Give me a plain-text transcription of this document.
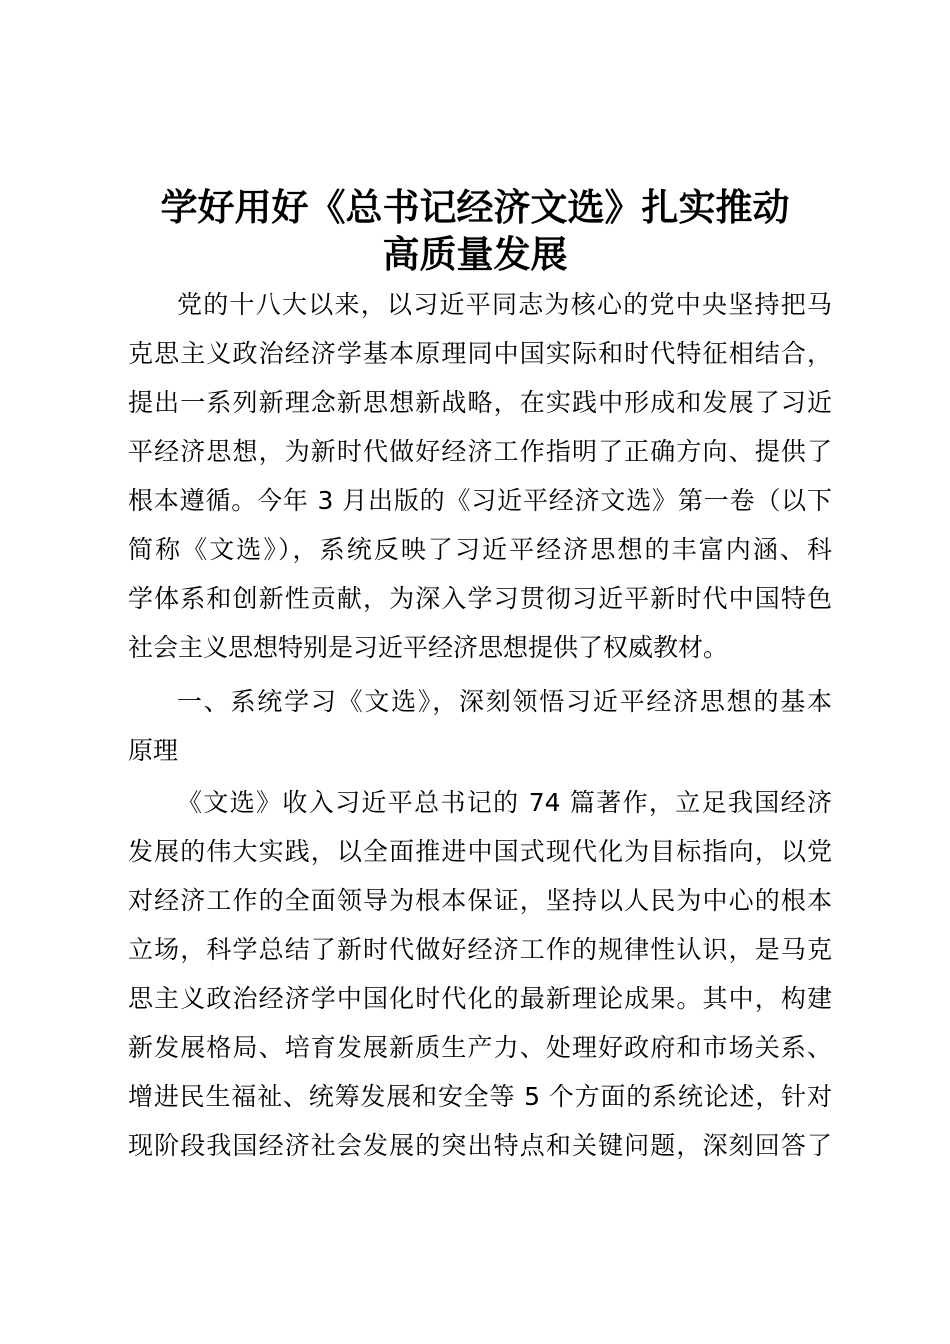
学好用好《总书记经济文选》扎实推动
高质量发展

党的十八大以来，以习近平同志为核心的党中央坚持把马

克思主义政治经济学基本原理同中国实际和时代特征相结合，

提出一系列新理念新思想新战略，在实践中形成和发展了习近

平经济思想，为新时代做好经济工作指明了正确方向、提供了

根本遵循。今年 3 月出版的《习近平经济文选》第一卷（以下

简称《文选》），系统反映了习近平经济思想的丰富内涵、科

学体系和创新性贡献，为深入学习贯彻习近平新时代中国特色

社会主义思想特别是习近平经济思想提供了权威教材。

一、系统学习《文选》，深刻领悟习近平经济思想的基本

原理

《文选》收入习近平总书记的 74 篇著作，立足我国经济

发展的伟大实践，以全面推进中国式现代化为目标指向，以党

对经济工作的全面领导为根本保证，坚持以人民为中心的根本

立场，科学总结了新时代做好经济工作的规律性认识，是马克

思主义政治经济学中国化时代化的最新理论成果。其中，构建

新发展格局、培育发展新质生产力、处理好政府和市场关系、

增进民生福祉、统筹发展和安全等 5 个方面的系统论述，针对

现阶段我国经济社会发展的突出特点和关键问题，深刻回答了
